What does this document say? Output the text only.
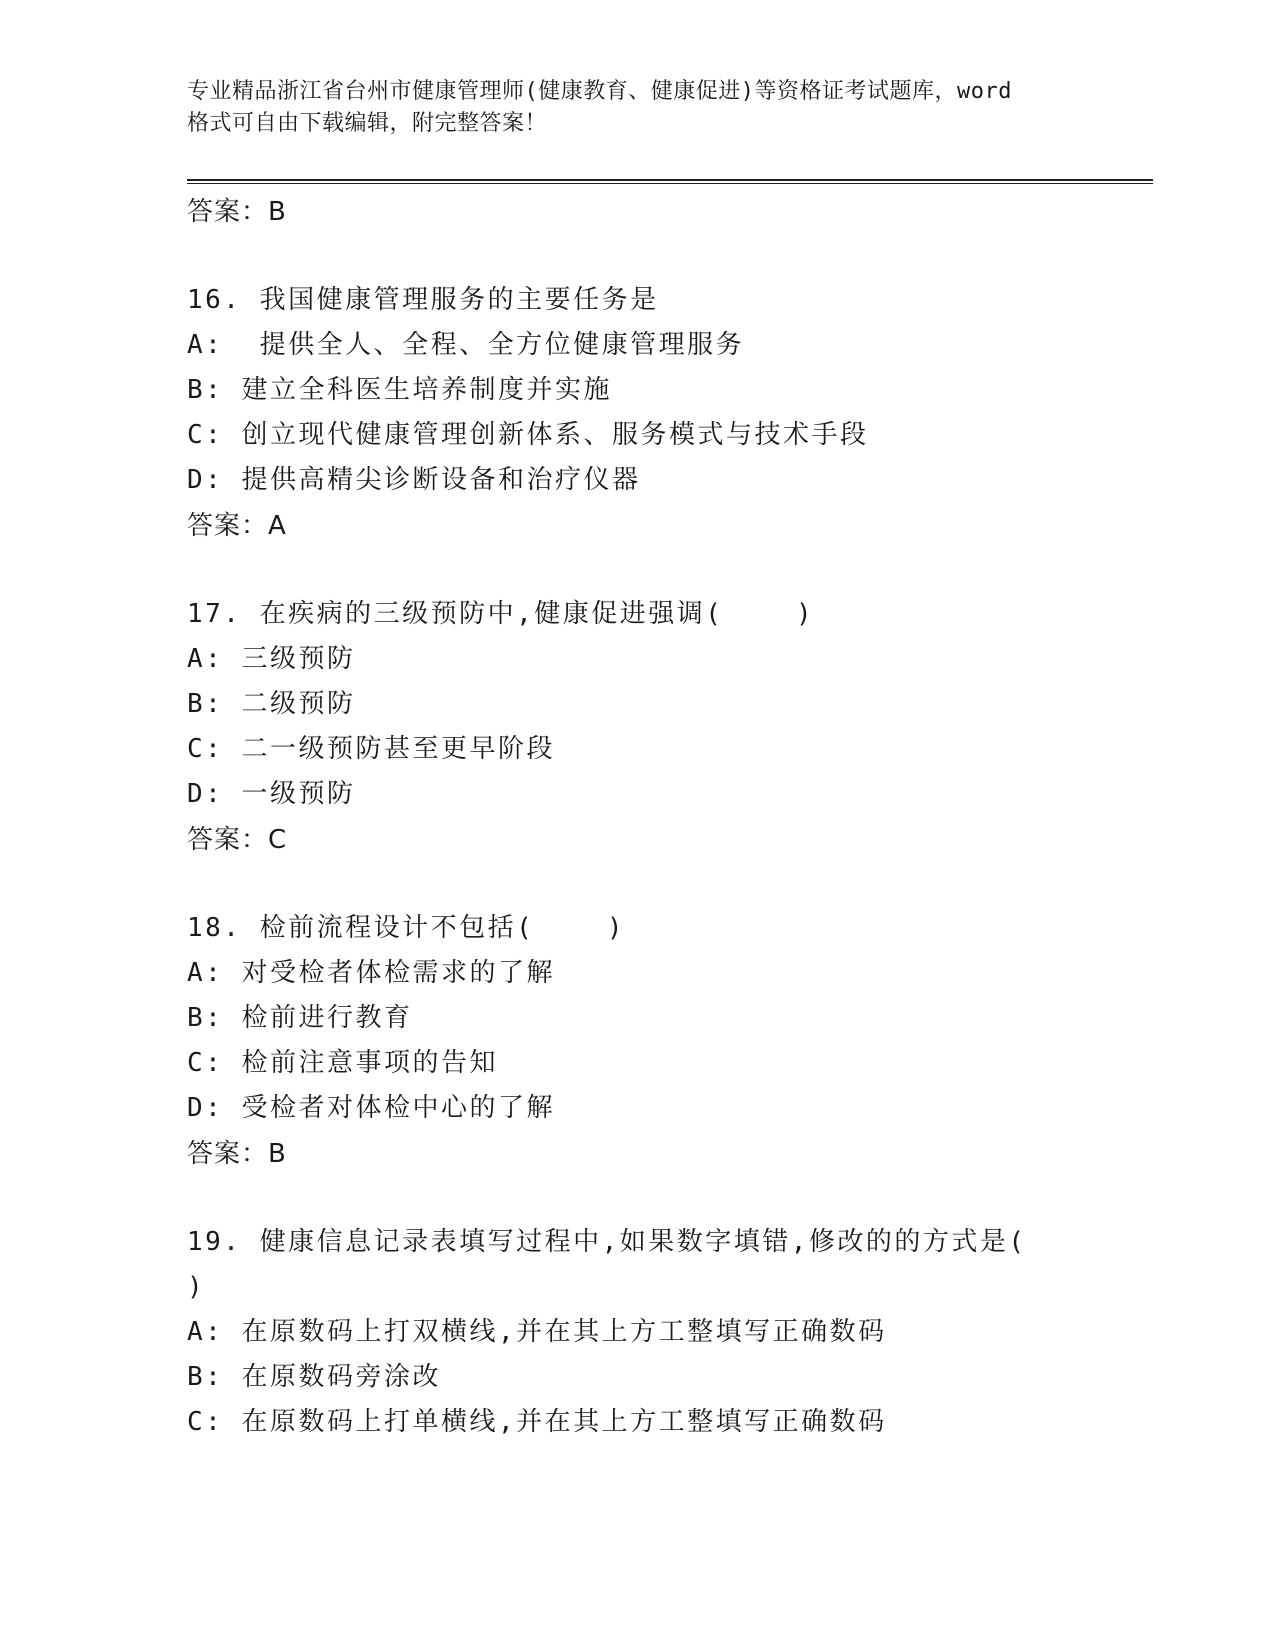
专业精品浙江省台州市健康管理师(健康教育、健康促进)等资格证考试题库，word
格式可自由下载编辑，附完整答案！
答案：B
16. 我国健康管理服务的主要任务是
A:  提供全人、全程、全方位健康管理服务
B: 建立全科医生培养制度并实施
C: 创立现代健康管理创新体系、服务模式与技术手段
D: 提供高精尖诊断设备和治疗仪器
答案：A
17. 在疾病的三级预防中,健康促进强调(    )
A: 三级预防
B: 二级预防
C: 二一级预防甚至更早阶段
D: 一级预防
答案：C
18. 检前流程设计不包括(    )
A: 对受检者体检需求的了解
B: 检前进行教育
C: 检前注意事项的告知
D: 受检者对体检中心的了解
答案：B
19. 健康信息记录表填写过程中,如果数字填错,修改的的方式是(
)
A: 在原数码上打双横线,并在其上方工整填写正确数码
B: 在原数码旁涂改
C: 在原数码上打单横线,并在其上方工整填写正确数码
